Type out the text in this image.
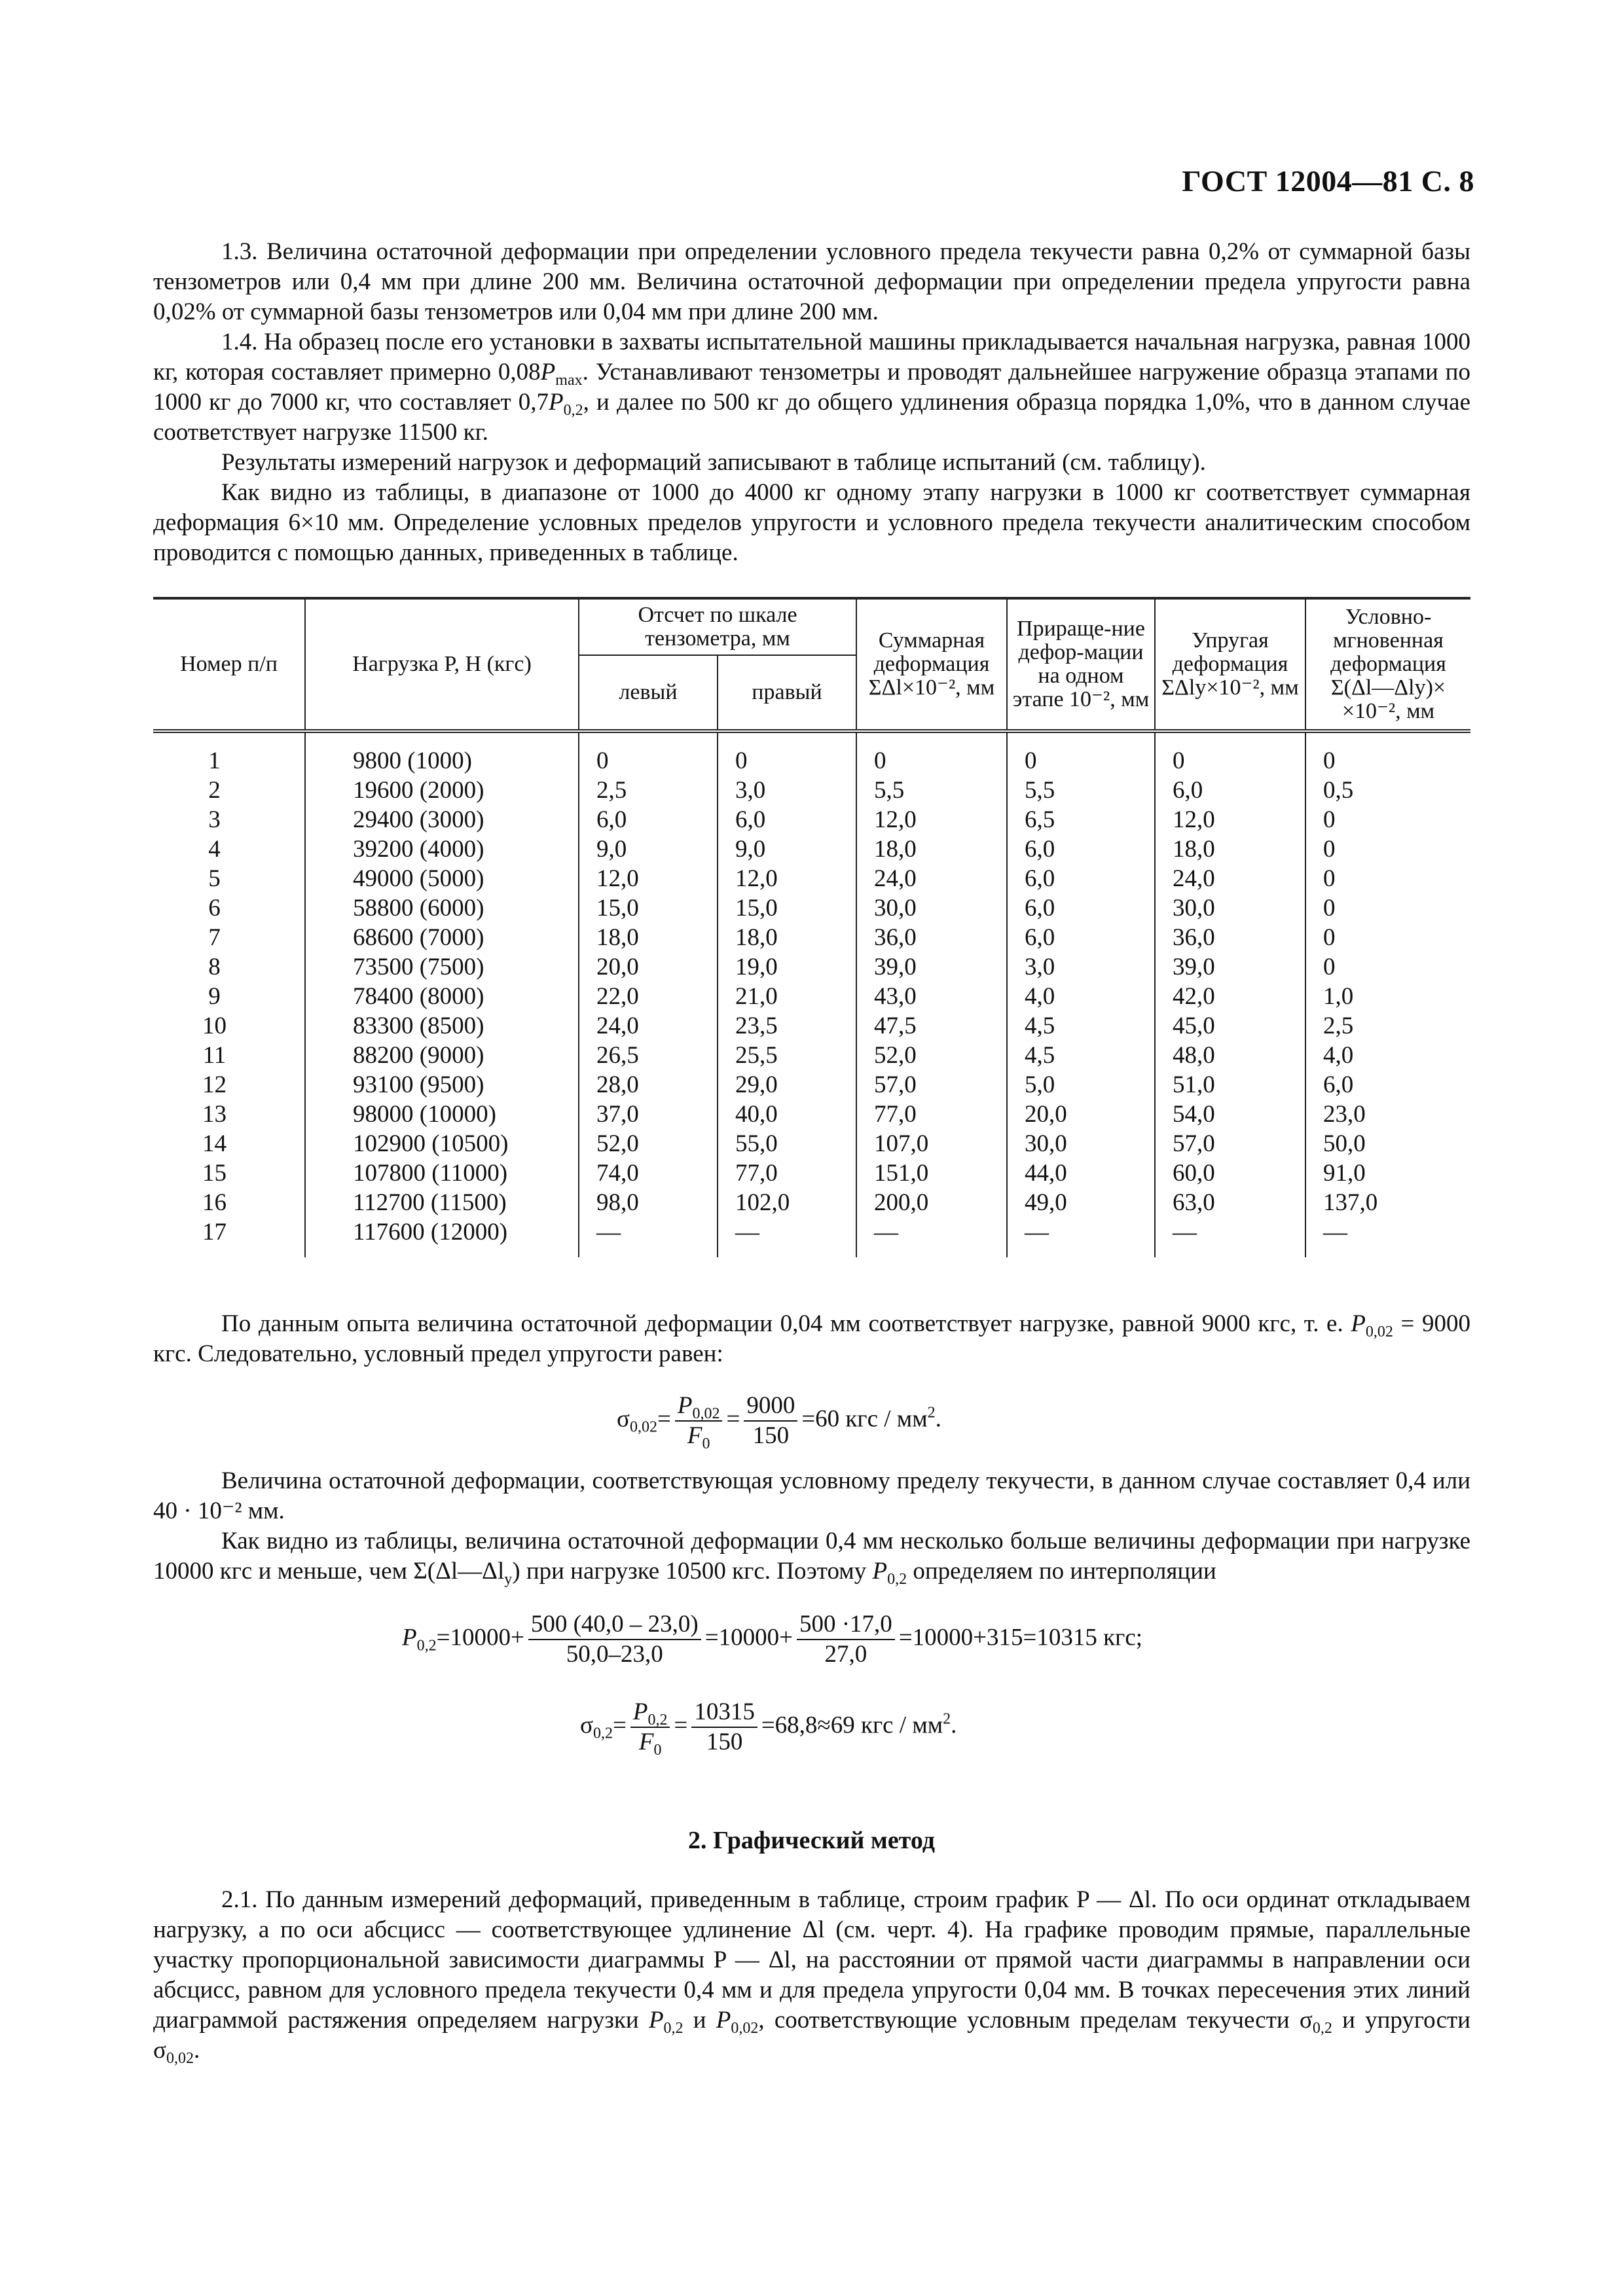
ГОСТ 12004—81 С. 8

1.3. Величина остаточной деформации при определении условного предела текучести равна 0,2% от суммарной базы тензометров или 0,4 мм при длине 200 мм. Величина остаточной деформации при определении предела упругости равна 0,02% от суммарной базы тензометров или 0,04 мм при длине 200 мм.

1.4. На образец после его установки в захваты испытательной машины прикладывается начальная нагрузка, равная 1000 кг, которая составляет примерно $0,08P_{max}$. Устанавливают тензометры и проводят дальнейшее нагружение образца этапами по 1000 кг до 7000 кг, что составляет $0,7P_{0,2}$, и далее по 500 кг до общего удлинения образца порядка 1,0%, что в данном случае соответствует нагрузке 11500 кг.

Результаты измерений нагрузок и деформаций записывают в таблице испытаний (см. таблицу).

Как видно из таблицы, в диапазоне от 1000 до 4000 кг одному этапу нагрузки в 1000 кг соответствует суммарная деформация 6×10 мм. Определение условных пределов упругости и условного предела текучести аналитическим способом проводится с помощью данных, приведенных в таблице.

Номер п/п	Нагрузка P, Н (кгс)	Отсчет по шкале тензометра, мм		Суммарная деформация ΣΔl×10⁻², мм	Прираще-ние дефор-мации на одном этапе 10⁻², мм	Упругая деформация ΣΔlу×10⁻², мм	Условно-мгновенная деформация Σ(Δl—Δlу)× ×10⁻², мм
		левый	правый				
1	9800 (1000)	0	0	0	0	0	0
2	19600 (2000)	2,5	3,0	5,5	5,5	6,0	0,5
3	29400 (3000)	6,0	6,0	12,0	6,5	12,0	0
4	39200 (4000)	9,0	9,0	18,0	6,0	18,0	0
5	49000 (5000)	12,0	12,0	24,0	6,0	24,0	0
6	58800 (6000)	15,0	15,0	30,0	6,0	30,0	0
7	68600 (7000)	18,0	18,0	36,0	6,0	36,0	0
8	73500 (7500)	20,0	19,0	39,0	3,0	39,0	0
9	78400 (8000)	22,0	21,0	43,0	4,0	42,0	1,0
10	83300 (8500)	24,0	23,5	47,5	4,5	45,0	2,5
11	88200 (9000)	26,5	25,5	52,0	4,5	48,0	4,0
12	93100 (9500)	28,0	29,0	57,0	5,0	51,0	6,0
13	98000 (10000)	37,0	40,0	77,0	20,0	54,0	23,0
14	102900 (10500)	52,0	55,0	107,0	30,0	57,0	50,0
15	107800 (11000)	74,0	77,0	151,0	44,0	60,0	91,0
16	112700 (11500)	98,0	102,0	200,0	49,0	63,0	137,0
17	117600 (12000)	—	—	—	—	—	—

По данным опыта величина остаточной деформации 0,04 мм соответствует нагрузке, равной 9000 кгс, т. е. $P_{0,02} = 9000$ кгс. Следовательно, условный предел упругости равен:

$\sigma_{0,02}= \frac{P_{0,02}}{F_0} = \frac{9000}{150} =60$ кгс / $мм^2$.

Величина остаточной деформации, соответствующая условному пределу текучести, в данном случае составляет 0,4 или 40 · 10⁻² мм.

Как видно из таблицы, величина остаточной деформации 0,4 мм несколько больше величины деформации при нагрузке 10000 кгс и меньше, чем $\Sigma(\Delta l—\Delta l_у)$ при нагрузке 10500 кгс. Поэтому $P_{0,2}$ определяем по интерполяции

$P_{0,2}=10000+ \frac{500 (40,0 - 23,0)}{50,0-23,0} =10000+ \frac{500 \cdot 17,0}{27,0} =10000+315=10315$ кгс;
$\sigma_{0,2}= \frac{P_{0,2}}{F_0} = \frac{10315}{150} =68,8\approx 69$ кгс / $мм^2$.
2. Графический метод

2.1. По данным измерений деформаций, приведенным в таблице, строим график P — Δl. По оси ординат откладываем нагрузку, а по оси абсцисс — соответствующее удлинение Δl (см. черт. 4). На графике проводим прямые, параллельные участку пропорциональной зависимости диаграммы P — Δl, на расстоянии от прямой части диаграммы в направлении оси абсцисс, равном для условного предела текучести 0,4 мм и для предела упругости 0,04 мм. В точках пересечения этих линий диаграммой растяжения определяем нагрузки $P_{0,2}$ и $P_{0,02}$, соответствующие условным пределам текучести $\sigma_{0,2}$ и упругости $\sigma_{0,02}$.
